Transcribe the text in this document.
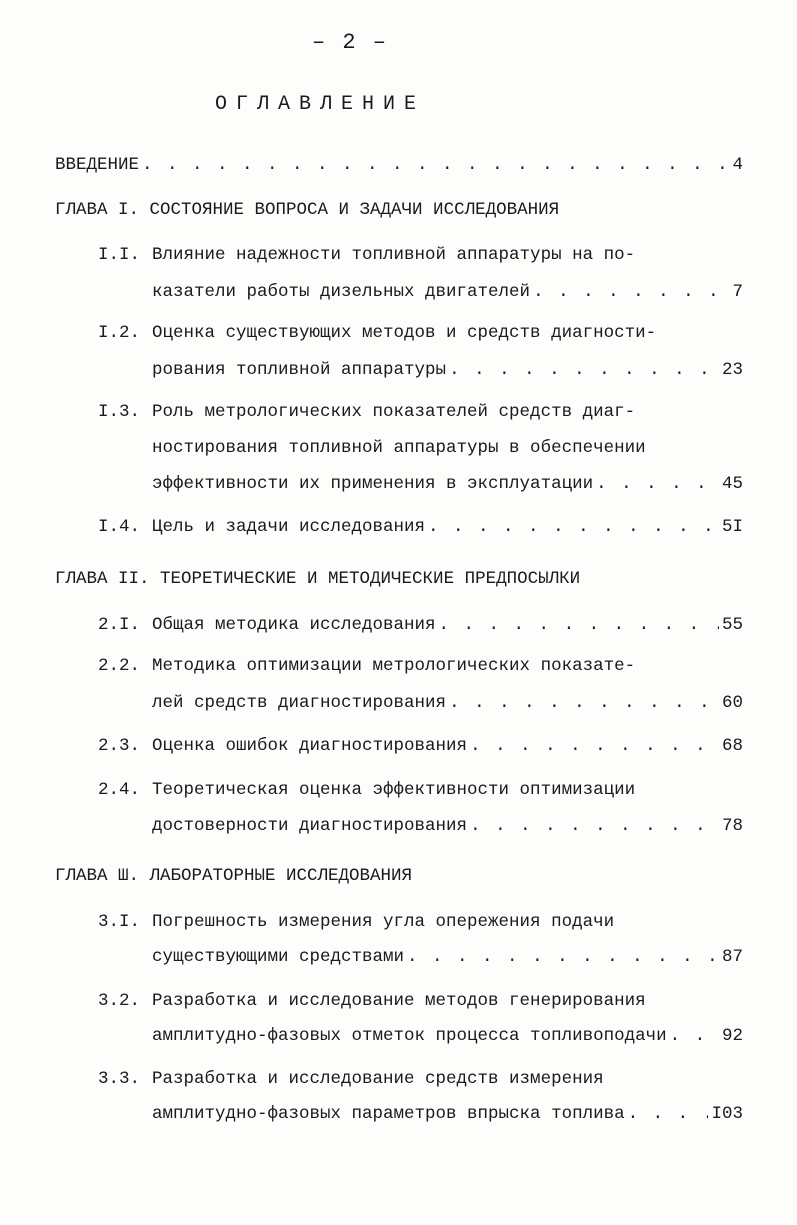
– 2 –
ОГЛАВЛЕНИЕ
ВВЕДЕНИЕ . . .	4
ГЛАВА I. СОСТОЯНИЕ ВОПРОСА И ЗАДАЧИ ИССЛЕДОВАНИЯ
I.I. Влияние надежности топливной аппаратуры на по-
казатели работы дизельных двигателей . . .	7
I.2. Оценка существующих методов и средств диагности-
рования топливной аппаратуры . . .	23
I.3. Роль метрологических показателей средств диаг-
ностирования топливной аппаратуры в обеспечении
эффективности их применения в эксплуатации . . .	45
I.4. Цель и задачи исследования . . .	5I
ГЛАВА II. ТЕОРЕТИЧЕСКИЕ И МЕТОДИЧЕСКИЕ ПРЕДПОСЫЛКИ
2.I. Общая методика исследования . . .	55
2.2. Методика оптимизации метрологических показате-
лей средств диагностирования . . .	60
2.3. Оценка ошибок диагностирования . . .	68
2.4. Теоретическая оценка эффективности оптимизации
достоверности диагностирования . . .	78
ГЛАВА Ш. ЛАБОРАТОРНЫЕ ИССЛЕДОВАНИЯ
3.I. Погрешность измерения угла опережения подачи
существующими средствами . . .	87
3.2. Разработка и исследование методов генерирования
амплитудно-фазовых отметок процесса топливоподачи . . .	92
3.3. Разработка и исследование средств измерения
амплитудно-фазовых параметров впрыска топлива . . .	I03
